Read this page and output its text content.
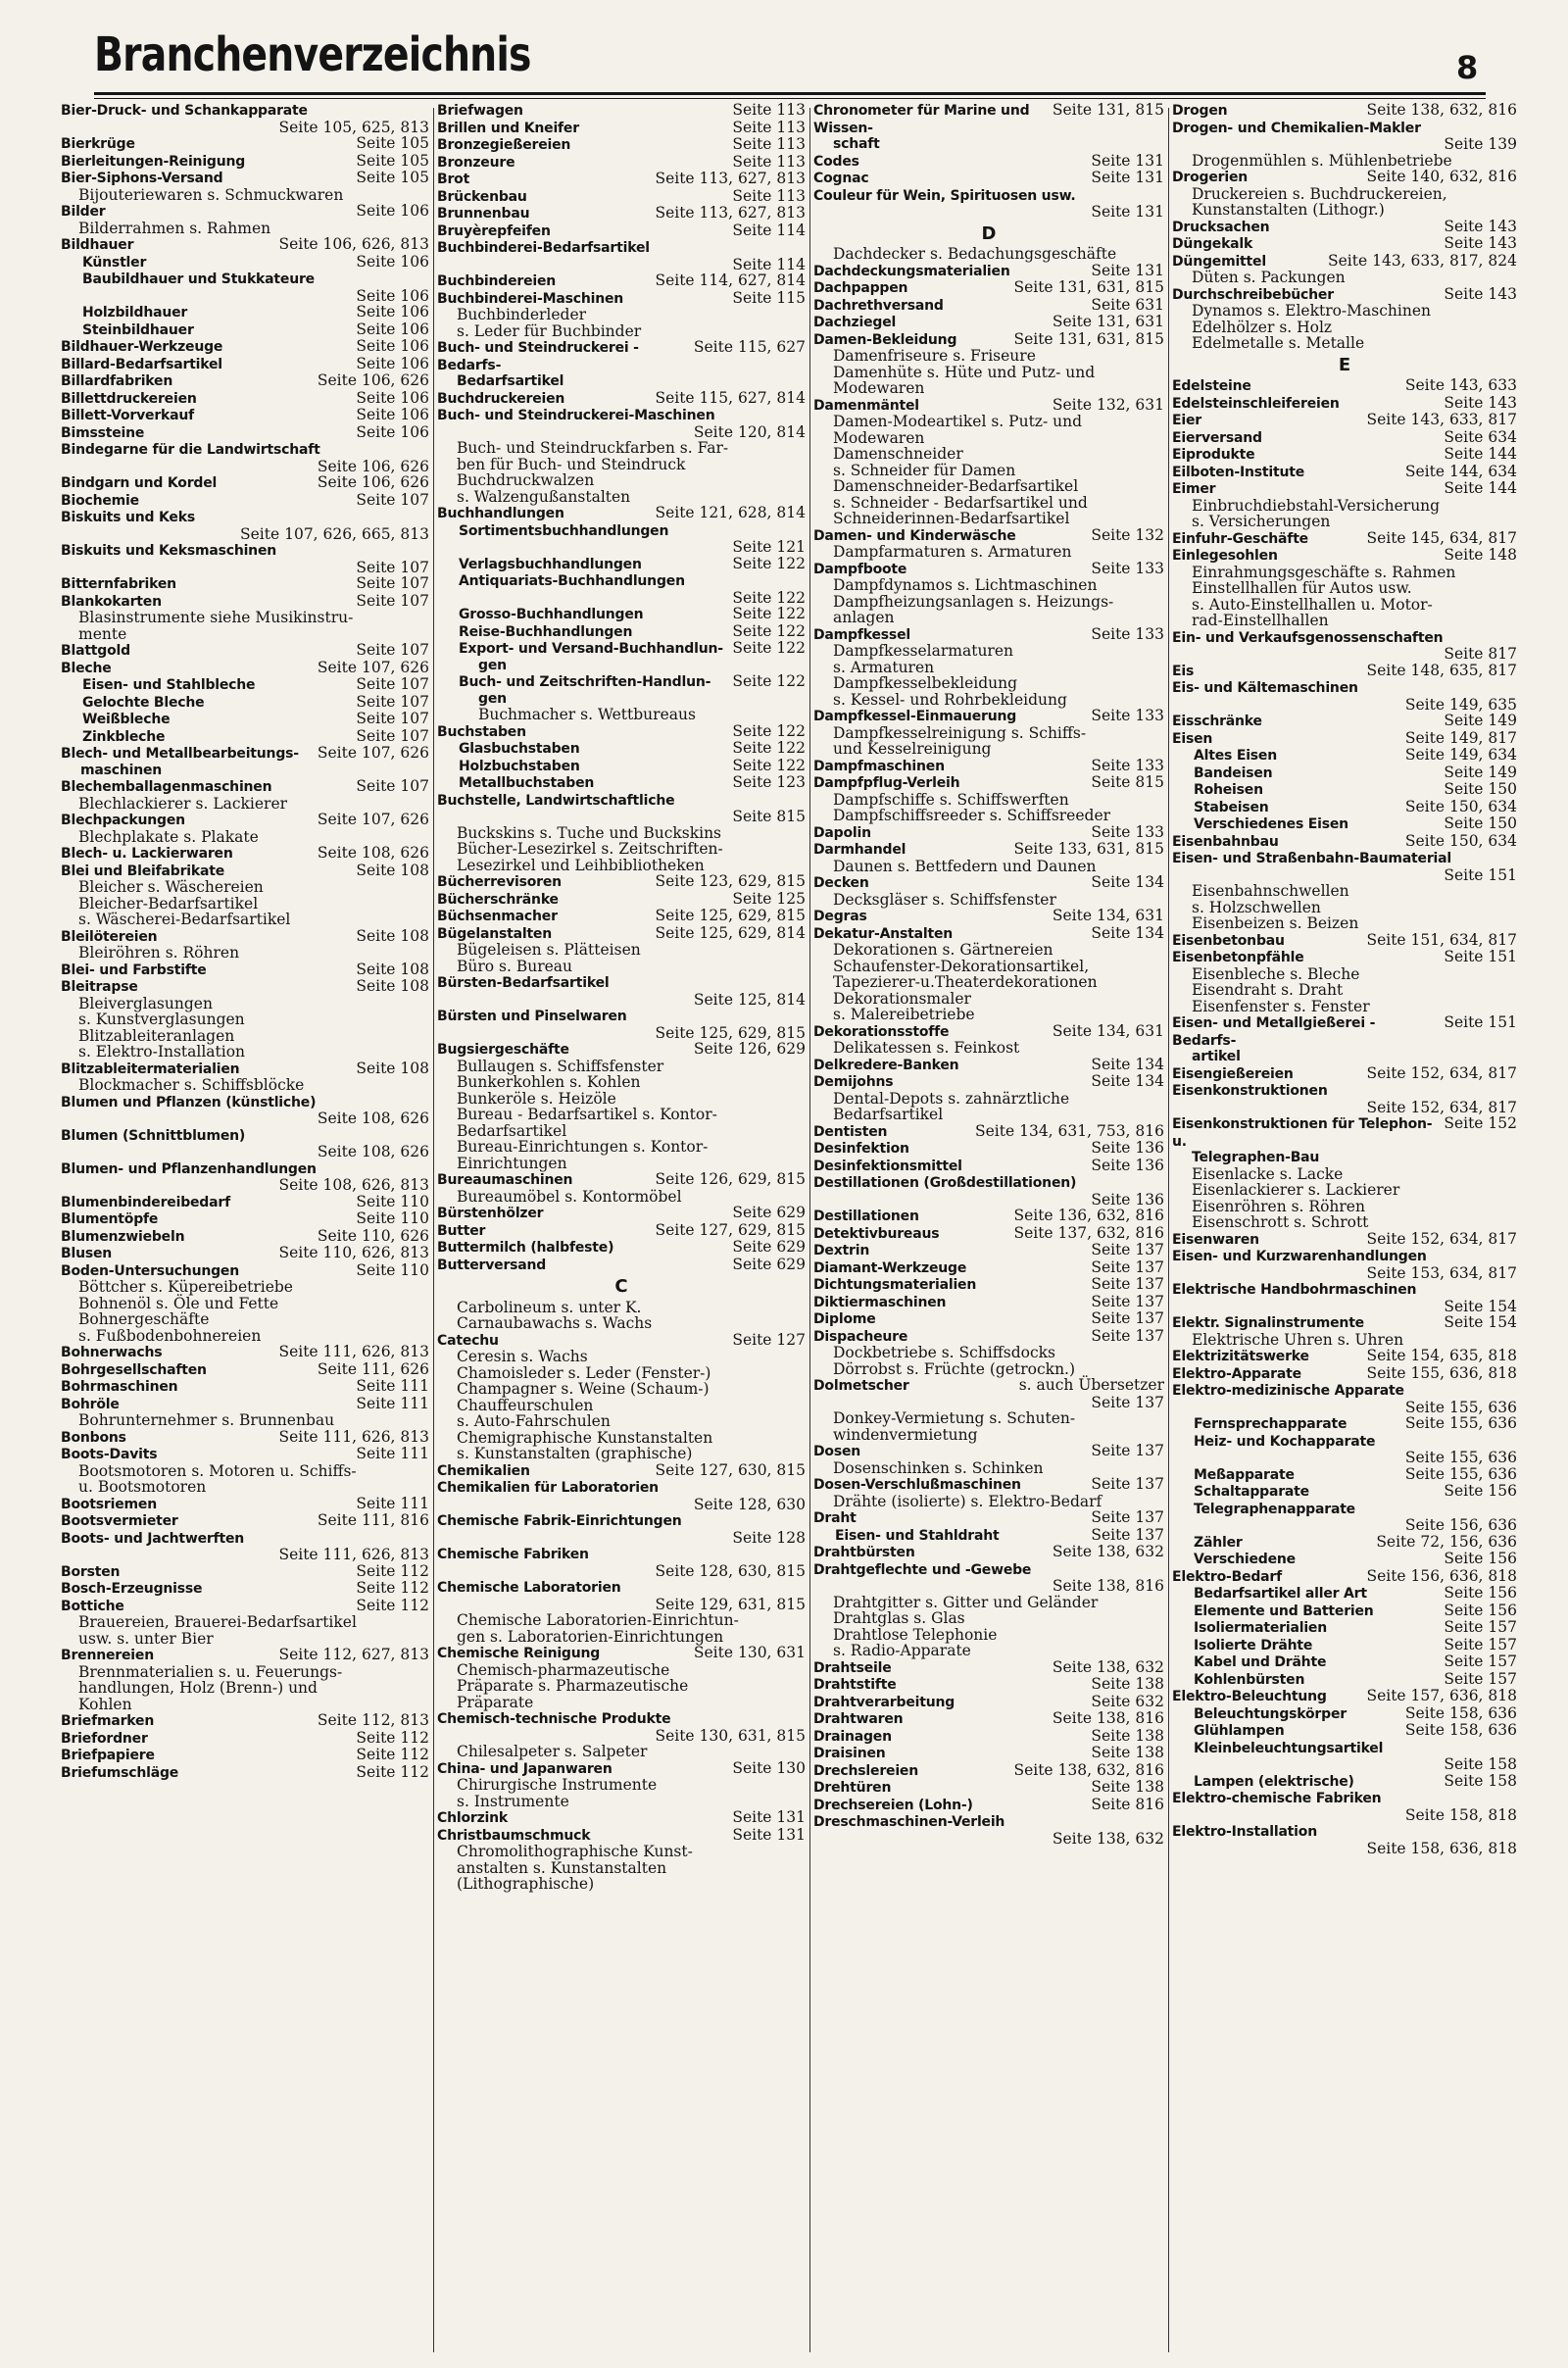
Branchenverzeichnis	8
Bier-Druck- und Schankapparate
Seite 105, 625, 813
Seite 105
Bierkrüge
Seite 105
Bierleitungen-Reinigung
Seite 105
Bier-Siphons-Versand
Bijouteriewaren s. Schmuckwaren
Seite 106
Bilder
Bilderrahmen s. Rahmen
Seite 106, 626, 813
Bildhauer
Seite 106
Künstler
Baubildhauer und Stukkateure
Seite 106
Seite 106
Holzbildhauer
Seite 106
Steinbildhauer
Seite 106
Bildhauer-Werkzeuge
Seite 106
Billard-Bedarfsartikel
Seite 106, 626
Billardfabriken
Seite 106
Billettdruckereien
Seite 106
Billett-Vorverkauf
Seite 106
Bimssteine
Bindegarne für die Landwirtschaft
Seite 106, 626
Seite 106, 626
Bindgarn und Kordel
Seite 107
Biochemie
Biskuits und Keks
Seite 107, 626, 665, 813
Biskuits und Keksmaschinen
Seite 107
Seite 107
Bitternfabriken
Seite 107
Blankokarten
Blasinstrumente siehe Musikinstru-
mente
Seite 107
Blattgold
Seite 107, 626
Bleche
Seite 107
Eisen- und Stahlbleche
Seite 107
Gelochte Bleche
Seite 107
Weißbleche
Seite 107
Zinkbleche
Seite 107, 626
Blech- und Metallbearbeitungs-
maschinen
Seite 107
Blechemballagenmaschinen
Blechlackierer s. Lackierer
Seite 107, 626
Blechpackungen
Blechplakate s. Plakate
Seite 108, 626
Blech- u. Lackierwaren
Seite 108
Blei und Bleifabrikate
Bleicher s. Wäschereien
Bleicher-Bedarfsartikel
s. Wäscherei-Bedarfsartikel
Seite 108
Bleilötereien
Bleiröhren s. Röhren
Seite 108
Blei- und Farbstifte
Seite 108
Bleitrapse
Bleiverglasungen
s. Kunstverglasungen
Blitzableiteranlagen
s. Elektro-Installation
Seite 108
Blitzableitermaterialien
Blockmacher s. Schiffsblöcke
Blumen und Pflanzen (künstliche)
Seite 108, 626
Blumen (Schnittblumen)
Seite 108, 626
Blumen- und Pflanzenhandlungen
Seite 108, 626, 813
Seite 110
Blumenbindereibedarf
Seite 110
Blumentöpfe
Seite 110, 626
Blumenzwiebeln
Seite 110, 626, 813
Blusen
Seite 110
Boden-Untersuchungen
Böttcher s. Küpereibetriebe
Bohnenöl s. Öle und Fette
Bohnergeschäfte
s. Fußbodenbohnereien
Seite 111, 626, 813
Bohnerwachs
Seite 111, 626
Bohrgesellschaften
Seite 111
Bohrmaschinen
Seite 111
Bohröle
Bohrunternehmer s. Brunnenbau
Seite 111, 626, 813
Bonbons
Seite 111
Boots-Davits
Bootsmotoren s. Motoren u. Schiffs-
u. Bootsmotoren
Seite 111
Bootsriemen
Seite 111, 816
Bootsvermieter
Boots- und Jachtwerften
Seite 111, 626, 813
Seite 112
Borsten
Seite 112
Bosch-Erzeugnisse
Seite 112
Bottiche
Brauereien, Brauerei-Bedarfsartikel
usw. s. unter Bier
Seite 112, 627, 813
Brennereien
Brennmaterialien s. u. Feuerungs-
handlungen, Holz (Brenn-) und
Kohlen
Seite 112, 813
Briefmarken
Seite 112
Briefordner
Seite 112
Briefpapiere
Seite 112
Briefumschläge
Seite 113
Briefwagen
Seite 113
Brillen und Kneifer
Seite 113
Bronzegießereien
Seite 113
Bronzeure
Seite 113, 627, 813
Brot
Seite 113
Brückenbau
Seite 113, 627, 813
Brunnenbau
Seite 114
Bruyèrepfeifen
Buchbinderei-Bedarfsartikel
Seite 114
Seite 114, 627, 814
Buchbindereien
Seite 115
Buchbinderei-Maschinen
Buchbinderleder
s. Leder für Buchbinder
Seite 115, 627
Buch- und Steindruckerei - Bedarfs-
Bedarfsartikel
Seite 115, 627, 814
Buchdruckereien
Buch- und Steindruckerei-Maschinen
Seite 120, 814
Buch- und Steindruckfarben s. Far-
ben für Buch- und Steindruck
Buchdruckwalzen
s. Walzengußanstalten
Seite 121, 628, 814
Buchhandlungen
Sortimentsbuchhandlungen
Seite 121
Seite 122
Verlagsbuchhandlungen
Antiquariats-Buchhandlungen
Seite 122
Seite 122
Grosso-Buchhandlungen
Seite 122
Reise-Buchhandlungen
Seite 122
Export- und Versand-Buchhandlun-
gen
Seite 122
Buch- und Zeitschriften-Handlun-
gen
Buchmacher s. Wettbureaus
Seite 122
Buchstaben
Seite 122
Glasbuchstaben
Seite 122
Holzbuchstaben
Seite 123
Metallbuchstaben
Buchstelle, Landwirtschaftliche
Seite 815
Buckskins s. Tuche und Buckskins
Bücher-Lesezirkel s. Zeitschriften-
Lesezirkel und Leihbibliotheken
Seite 123, 629, 815
Bücherrevisoren
Seite 125
Bücherschränke
Seite 125, 629, 815
Büchsenmacher
Seite 125, 629, 814
Bügelanstalten
Bügeleisen s. Plätteisen
Büro s. Bureau
Bürsten-Bedarfsartikel
Seite 125, 814
Bürsten und Pinselwaren
Seite 125, 629, 815
Seite 126, 629
Bugsiergeschäfte
Bullaugen s. Schiffsfenster
Bunkerkohlen s. Kohlen
Bunkeröle s. Heizöle
Bureau - Bedarfsartikel s. Kontor-
Bedarfsartikel
Bureau-Einrichtungen s. Kontor-
Einrichtungen
Seite 126, 629, 815
Bureaumaschinen
Bureaumöbel s. Kontormöbel
Seite 629
Bürstenhölzer
Seite 127, 629, 815
Butter
Seite 629
Buttermilch (halbfeste)
Seite 629
Butterversand
C
Carbolineum s. unter K.
Carnaubawachs s. Wachs
Seite 127
Catechu
Ceresin s. Wachs
Chamoisleder s. Leder (Fenster-)
Champagner s. Weine (Schaum-)
Chauffeurschulen
s. Auto-Fahrschulen
Chemigraphische Kunstanstalten
s. Kunstanstalten (graphische)
Seite 127, 630, 815
Chemikalien
Chemikalien für Laboratorien
Seite 128, 630
Chemische Fabrik-Einrichtungen
Seite 128
Chemische Fabriken
Seite 128, 630, 815
Chemische Laboratorien
Seite 129, 631, 815
Chemische Laboratorien-Einrichtun-
gen s. Laboratorien-Einrichtungen
Seite 130, 631
Chemische Reinigung
Chemisch-pharmazeutische
Präparate s. Pharmazeutische
Präparate
Chemisch-technische Produkte
Seite 130, 631, 815
Chilesalpeter s. Salpeter
Seite 130
China- und Japanwaren
Chirurgische Instrumente
s. Instrumente
Seite 131
Chlorzink
Seite 131
Christbaumschmuck
Chromolithographische Kunst-
anstalten s. Kunstanstalten
(Lithographische)
Seite 131, 815
Chronometer für Marine und Wissen-
schaft
Seite 131
Codes
Seite 131
Cognac
Couleur für Wein, Spirituosen usw.
Seite 131
D
Dachdecker s. Bedachungsgeschäfte
Seite 131
Dachdeckungsmaterialien
Seite 131, 631, 815
Dachpappen
Seite 631
Dachrethversand
Seite 131, 631
Dachziegel
Seite 131, 631, 815
Damen-Bekleidung
Damenfriseure s. Friseure
Damenhüte s. Hüte und Putz- und
Modewaren
Seite 132, 631
Damenmäntel
Damen-Modeartikel s. Putz- und
Modewaren
Damenschneider
s. Schneider für Damen
Damenschneider-Bedarfsartikel
s. Schneider - Bedarfsartikel und
Schneiderinnen-Bedarfsartikel
Seite 132
Damen- und Kinderwäsche
Dampfarmaturen s. Armaturen
Seite 133
Dampfboote
Dampfdynamos s. Lichtmaschinen
Dampfheizungsanlagen s. Heizungs-
anlagen
Seite 133
Dampfkessel
Dampfkesselarmaturen
s. Armaturen
Dampfkesselbekleidung
s. Kessel- und Rohrbekleidung
Seite 133
Dampfkessel-Einmauerung
Dampfkesselreinigung s. Schiffs-
und Kesselreinigung
Seite 133
Dampfmaschinen
Seite 815
Dampfpflug-Verleih
Dampfschiffe s. Schiffswerften
Dampfschiffsreeder s. Schiffsreeder
Seite 133
Dapolin
Seite 133, 631, 815
Darmhandel
Daunen s. Bettfedern und Daunen
Seite 134
Decken
Decksgläser s. Schiffsfenster
Seite 134, 631
Degras
Seite 134
Dekatur-Anstalten
Dekorationen s. Gärtnereien
Schaufenster-Dekorationsartikel,
Tapezierer-u.Theaterdekorationen
Dekorationsmaler
s. Malereibetriebe
Seite 134, 631
Dekorationsstoffe
Delikatessen s. Feinkost
Seite 134
Delkredere-Banken
Seite 134
Demijohns
Dental-Depots s. zahnärztliche
Bedarfsartikel
Seite 134, 631, 753, 816
Dentisten
Seite 136
Desinfektion
Seite 136
Desinfektionsmittel
Destillationen (Großdestillationen)
Seite 136
Seite 136, 632, 816
Destillationen
Seite 137, 632, 816
Detektivbureaus
Seite 137
Dextrin
Seite 137
Diamant-Werkzeuge
Seite 137
Dichtungsmaterialien
Seite 137
Diktiermaschinen
Seite 137
Diplome
Seite 137
Dispacheure
Dockbetriebe s. Schiffsdocks
Dörrobst s. Früchte (getrockn.)
s. auch Übersetzer
Dolmetscher
Seite 137
Donkey-Vermietung s. Schuten-
windenvermietung
Seite 137
Dosen
Dosenschinken s. Schinken
Seite 137
Dosen-Verschlußmaschinen
Drähte (isolierte) s. Elektro-Bedarf
Seite 137
Draht
Seite 137
Eisen- und Stahldraht
Seite 138, 632
Drahtbürsten
Drahtgeflechte und -Gewebe
Seite 138, 816
Drahtgitter s. Gitter und Geländer
Drahtglas s. Glas
Drahtlose Telephonie
s. Radio-Apparate
Seite 138, 632
Drahtseile
Seite 138
Drahtstifte
Seite 632
Drahtverarbeitung
Seite 138, 816
Drahtwaren
Seite 138
Drainagen
Seite 138
Draisinen
Seite 138, 632, 816
Drechslereien
Seite 138
Drehtüren
Seite 816
Drechsereien (Lohn-)
Dreschmaschinen-Verleih
Seite 138, 632
Seite 138, 632, 816
Drogen
Drogen- und Chemikalien-Makler
Seite 139
Drogenmühlen s. Mühlenbetriebe
Seite 140, 632, 816
Drogerien
Druckereien s. Buchdruckereien,
Kunstanstalten (Lithogr.)
Seite 143
Drucksachen
Seite 143
Düngekalk
Seite 143, 633, 817, 824
Düngemittel
Düten s. Packungen
Seite 143
Durchschreibebücher
Dynamos s. Elektro-Maschinen
Edelhölzer s. Holz
Edelmetalle s. Metalle
E
Seite 143, 633
Edelsteine
Seite 143
Edelsteinschleifereien
Seite 143, 633, 817
Eier
Seite 634
Eierversand
Seite 144
Eiprodukte
Seite 144, 634
Eilboten-Institute
Seite 144
Eimer
Einbruchdiebstahl-Versicherung
s. Versicherungen
Seite 145, 634, 817
Einfuhr-Geschäfte
Seite 148
Einlegesohlen
Einrahmungsgeschäfte s. Rahmen
Einstellhallen für Autos usw.
s. Auto-Einstellhallen u. Motor-
rad-Einstellhallen
Ein- und Verkaufsgenossenschaften
Seite 817
Seite 148, 635, 817
Eis
Eis- und Kältemaschinen
Seite 149, 635
Seite 149
Eisschränke
Seite 149, 817
Eisen
Seite 149, 634
Altes Eisen
Seite 149
Bandeisen
Seite 150
Roheisen
Seite 150, 634
Stabeisen
Seite 150
Verschiedenes Eisen
Seite 150, 634
Eisenbahnbau
Eisen- und Straßenbahn-Baumaterial
Seite 151
Eisenbahnschwellen
s. Holzschwellen
Eisenbeizen s. Beizen
Seite 151, 634, 817
Eisenbetonbau
Seite 151
Eisenbetonpfähle
Eisenbleche s. Bleche
Eisendraht s. Draht
Eisenfenster s. Fenster
Seite 151
Eisen- und Metallgießerei - Bedarfs-
artikel
Seite 152, 634, 817
Eisengießereien
Eisenkonstruktionen
Seite 152, 634, 817
Seite 152
Eisenkonstruktionen für Telephon- u.
Telegraphen-Bau
Eisenlacke s. Lacke
Eisenlackierer s. Lackierer
Eisenröhren s. Röhren
Eisenschrott s. Schrott
Seite 152, 634, 817
Eisenwaren
Eisen- und Kurzwarenhandlungen
Seite 153, 634, 817
Elektrische Handbohrmaschinen
Seite 154
Seite 154
Elektr. Signalinstrumente
Elektrische Uhren s. Uhren
Seite 154, 635, 818
Elektrizitätswerke
Seite 155, 636, 818
Elektro-Apparate
Elektro-medizinische Apparate
Seite 155, 636
Seite 155, 636
Fernsprechapparate
Heiz- und Kochapparate
Seite 155, 636
Seite 155, 636
Meßapparate
Seite 156
Schaltapparate
Telegraphenapparate
Seite 156, 636
Seite 72, 156, 636
Zähler
Seite 156
Verschiedene
Seite 156, 636, 818
Elektro-Bedarf
Seite 156
Bedarfsartikel aller Art
Seite 156
Elemente und Batterien
Seite 157
Isoliermaterialien
Seite 157
Isolierte Drähte
Seite 157
Kabel und Drähte
Seite 157
Kohlenbürsten
Seite 157, 636, 818
Elektro-Beleuchtung
Seite 158, 636
Beleuchtungskörper
Seite 158, 636
Glühlampen
Kleinbeleuchtungsartikel
Seite 158
Seite 158
Lampen (elektrische)
Elektro-chemische Fabriken
Seite 158, 818
Elektro-Installation
Seite 158, 636, 818
